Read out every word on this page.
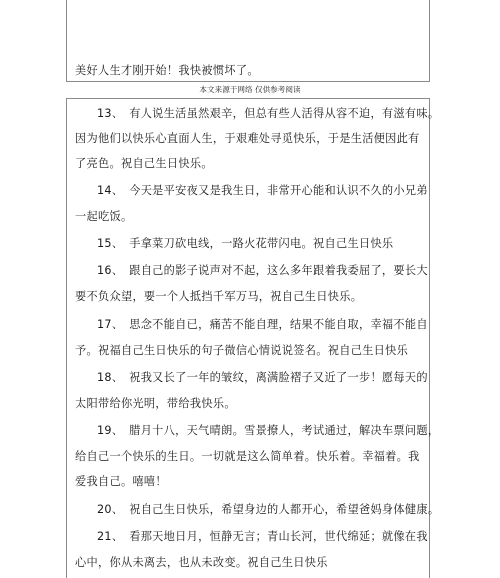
美好人生才刚开始！我快被惯坏了。
本文来源于网络 仅供参考阅读
13、　有人说生活虽然艰辛，但总有些人活得从容不迫，有滋有味。
因为他们以快乐心直面人生，于艰难处寻觅快乐，于是生活便因此有
了亮色。祝自己生日快乐。
14、　今天是平安夜又是我生日，非常开心能和认识不久的小兄弟
一起吃饭。
15、　手拿菜刀砍电线，一路火花带闪电。祝自己生日快乐
16、　跟自己的影子说声对不起，这么多年跟着我委屈了，要长大
要不负众望，要一个人抵挡千军万马，祝自己生日快乐。
17、　思念不能自已，痛苦不能自理，结果不能自取，幸福不能自
予。祝福自己生日快乐的句子微信心情说说签名。祝自己生日快乐
18、　祝我又长了一年的皱纹，离满脸褶子又近了一步！愿每天的
太阳带给你光明，带给我快乐。
19、　腊月十八，天气晴朗。雪景撩人，考试通过，解决车票问题，
给自己一个快乐的生日。一切就是这么简单着。快乐着。幸福着。我
爱我自己。嘻嘻！
20、　祝自己生日快乐，希望身边的人都开心，希望爸妈身体健康。
21、　看那天地日月，恒静无言；青山长河，世代绵延；就像在我
心中，你从未离去，也从未改变。祝自己生日快乐
